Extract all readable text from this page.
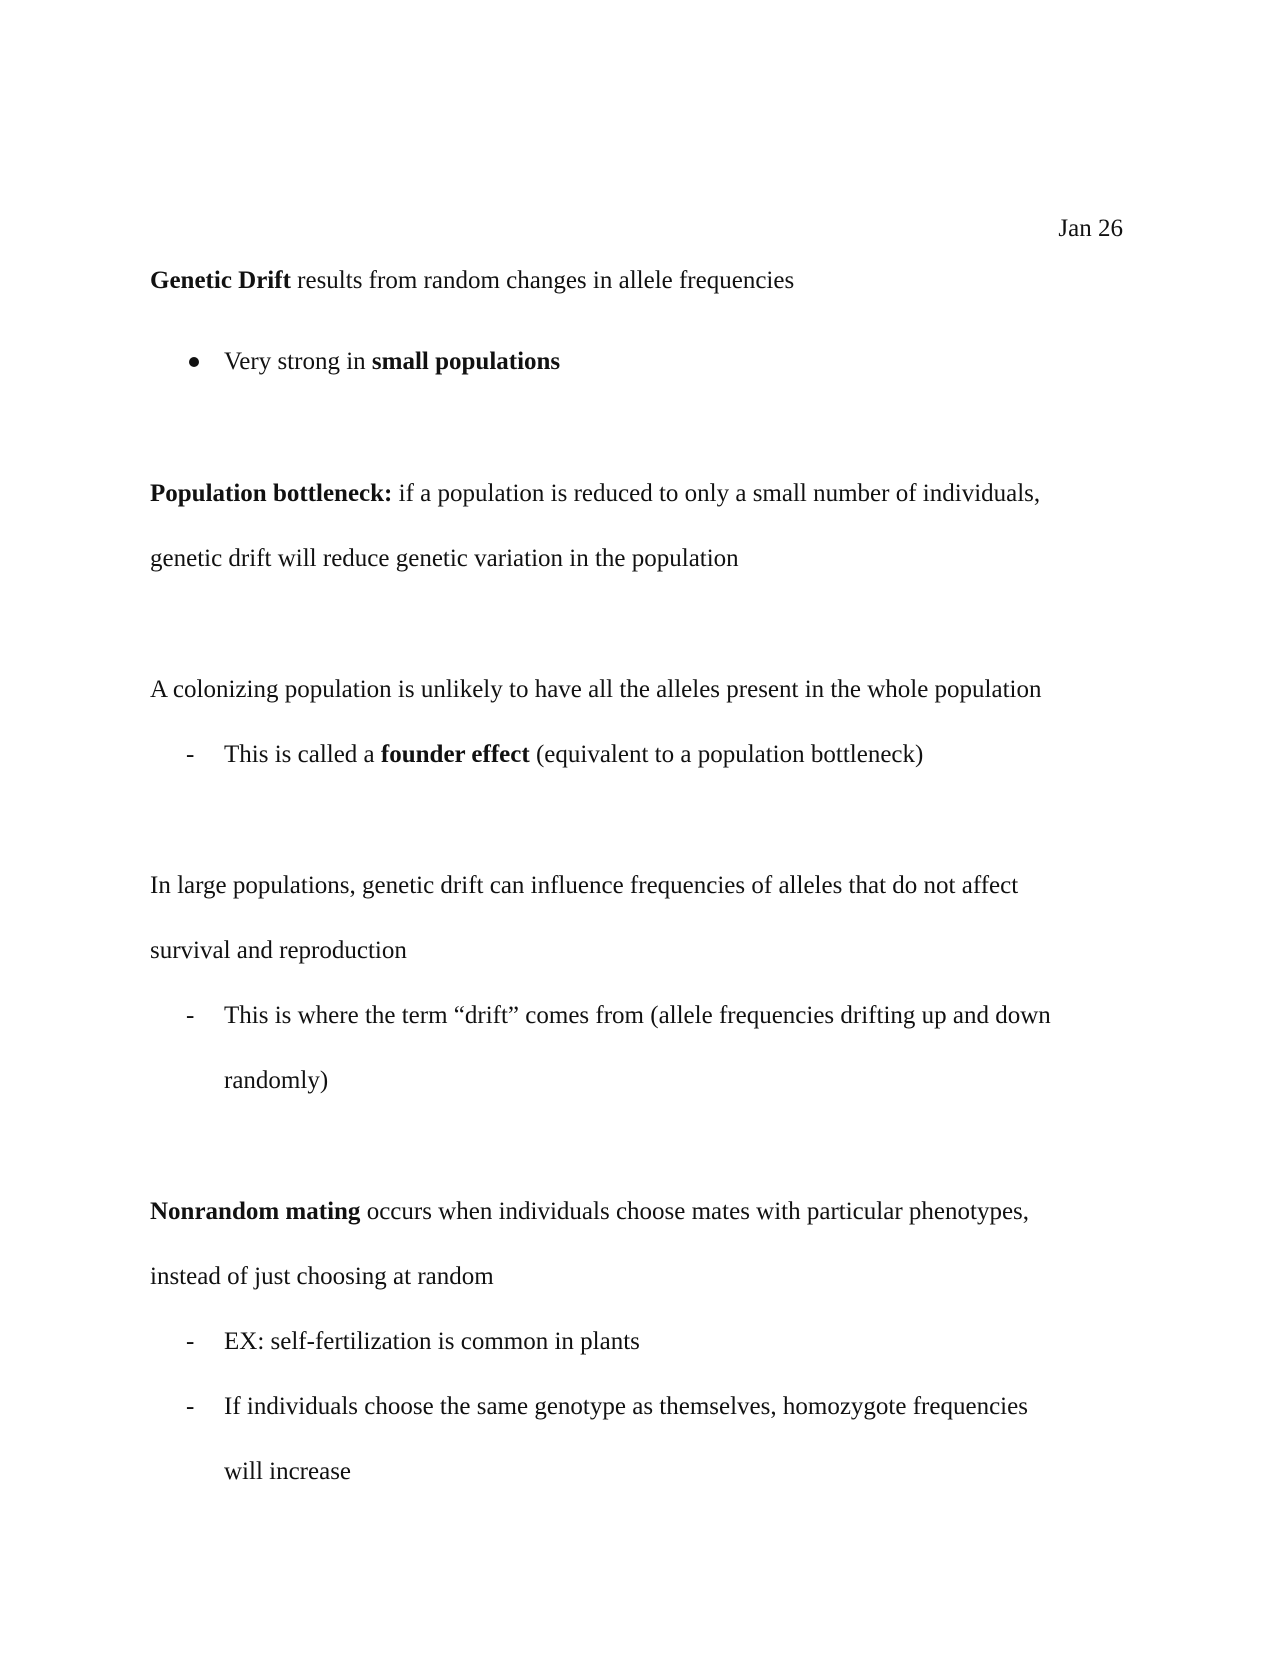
Jan 26
Genetic Drift results from random changes in allele frequencies
Very strong in small populations
Population bottleneck: if a population is reduced to only a small number of individuals,
genetic drift will reduce genetic variation in the population
A colonizing population is unlikely to have all the alleles present in the whole population
- This is called a founder effect (equivalent to a population bottleneck)
In large populations, genetic drift can influence frequencies of alleles that do not affect
survival and reproduction
- This is where the term “drift” comes from (allele frequencies drifting up and down
randomly)
Nonrandom mating occurs when individuals choose mates with particular phenotypes,
instead of just choosing at random
- EX: self-fertilization is common in plants
- If individuals choose the same genotype as themselves, homozygote frequencies
will increase
